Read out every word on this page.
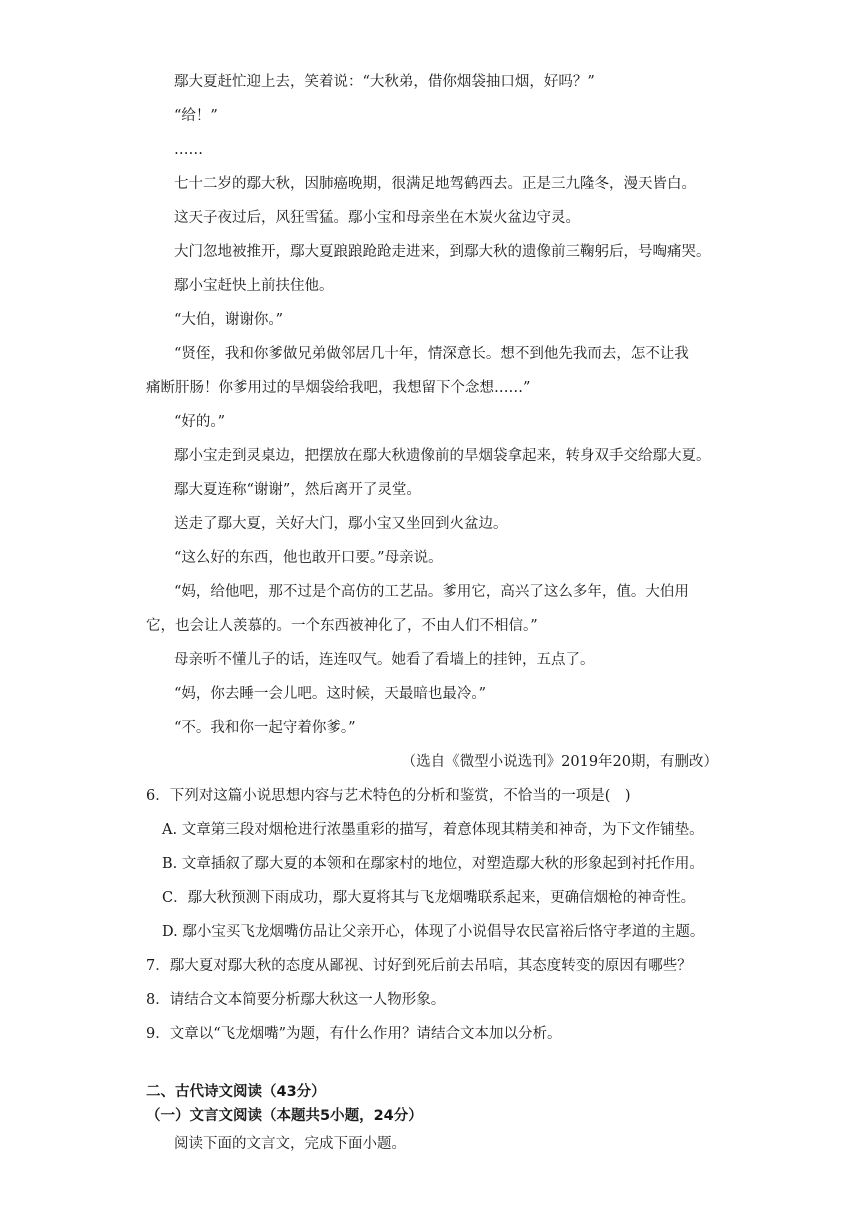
鄢大夏赶忙迎上去，笑着说：“大秋弟，借你烟袋抽口烟，好吗？”
“给！”
……
七十二岁的鄢大秋，因肺癌晚期，很满足地驾鹤西去。正是三九隆冬，漫天皆白。
这天子夜过后，风狂雪猛。鄢小宝和母亲坐在木炭火盆边守灵。
大门忽地被推开，鄢大夏踉踉跄跄走进来，到鄢大秋的遗像前三鞠躬后，号啕痛哭。
鄢小宝赶快上前扶住他。
“大伯，谢谢你。”
“贤侄，我和你爹做兄弟做邻居几十年，情深意长。想不到他先我而去，怎不让我
痛断肝肠！你爹用过的旱烟袋给我吧，我想留下个念想……”
“好的。”
鄢小宝走到灵桌边，把摆放在鄢大秋遗像前的旱烟袋拿起来，转身双手交给鄢大夏。
鄢大夏连称“谢谢”，然后离开了灵堂。
送走了鄢大夏，关好大门，鄢小宝又坐回到火盆边。
“这么好的东西，他也敢开口要。”母亲说。
“妈，给他吧，那不过是个高仿的工艺品。爹用它，高兴了这么多年，值。大伯用
它，也会让人羡慕的。一个东西被神化了，不由人们不相信。”
母亲听不懂儿子的话，连连叹气。她看了看墙上的挂钟，五点了。
“妈，你去睡一会儿吧。这时候，天最暗也最冷。”
“不。我和你一起守着你爹。”
（选自《微型小说选刊》2019年20期，有删改）
6．下列对这篇小说思想内容与艺术特色的分析和鉴赏，不恰当的一项是(　)
A. 文章第三段对烟枪进行浓墨重彩的描写，着意体现其精美和神奇，为下文作铺垫。
B. 文章插叙了鄢大夏的本领和在鄢家村的地位，对塑造鄢大秋的形象起到衬托作用。
C．鄢大秋预测下雨成功，鄢大夏将其与飞龙烟嘴联系起来，更确信烟枪的神奇性。
D. 鄢小宝买飞龙烟嘴仿品让父亲开心，体现了小说倡导农民富裕后恪守孝道的主题。
7．鄢大夏对鄢大秋的态度从鄙视、讨好到死后前去吊唁，其态度转变的原因有哪些？
8．请结合文本简要分析鄢大秋这一人物形象。
9．文章以“飞龙烟嘴”为题，有什么作用？请结合文本加以分析。
二、古代诗文阅读（43分）
（一）文言文阅读（本题共5小题，24分）
阅读下面的文言文，完成下面小题。
